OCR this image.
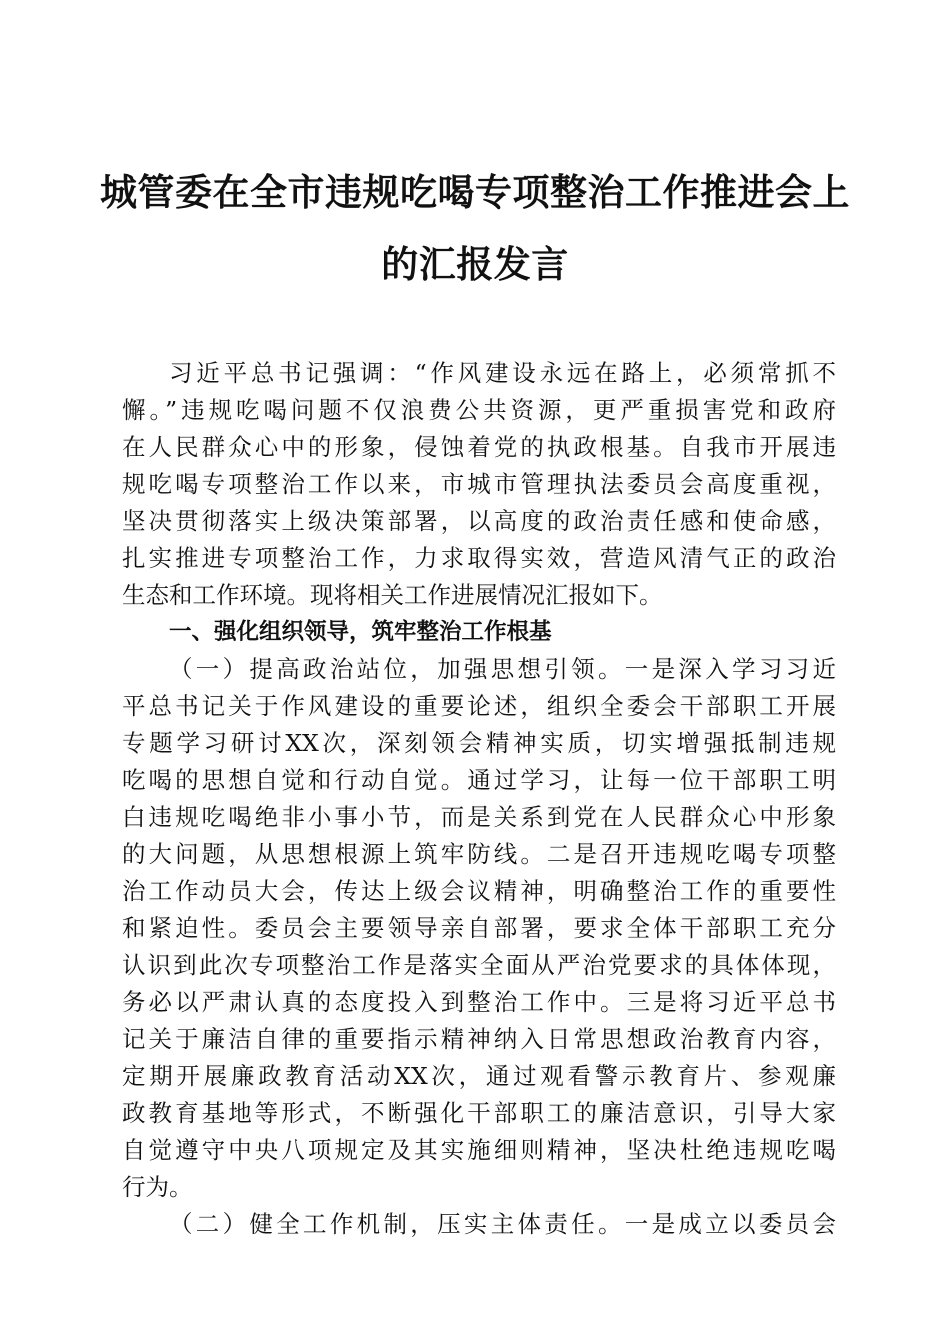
城管委在全市违规吃喝专项整治工作推进会上
的汇报发言
习近平总书记强调：“作风建设永远在路上，必须常抓不
懈。”违规吃喝问题不仅浪费公共资源，更严重损害党和政府
在人民群众心中的形象，侵蚀着党的执政根基。自我市开展违
规吃喝专项整治工作以来，市城市管理执法委员会高度重视，
坚决贯彻落实上级决策部署，以高度的政治责任感和使命感，
扎实推进专项整治工作，力求取得实效，营造风清气正的政治
生态和工作环境。现将相关工作进展情况汇报如下。
一、强化组织领导，筑牢整治工作根基
（一）提高政治站位，加强思想引领。一是深入学习习近
平总书记关于作风建设的重要论述，组织全委会干部职工开展
专题学习研讨XX次，深刻领会精神实质，切实增强抵制违规
吃喝的思想自觉和行动自觉。通过学习，让每一位干部职工明
白违规吃喝绝非小事小节，而是关系到党在人民群众心中形象
的大问题，从思想根源上筑牢防线。二是召开违规吃喝专项整
治工作动员大会，传达上级会议精神，明确整治工作的重要性
和紧迫性。委员会主要领导亲自部署，要求全体干部职工充分
认识到此次专项整治工作是落实全面从严治党要求的具体体现，
务必以严肃认真的态度投入到整治工作中。三是将习近平总书
记关于廉洁自律的重要指示精神纳入日常思想政治教育内容，
定期开展廉政教育活动XX次，通过观看警示教育片、参观廉
政教育基地等形式，不断强化干部职工的廉洁意识，引导大家
自觉遵守中央八项规定及其实施细则精神，坚决杜绝违规吃喝
行为。
（二）健全工作机制，压实主体责任。一是成立以委员会
